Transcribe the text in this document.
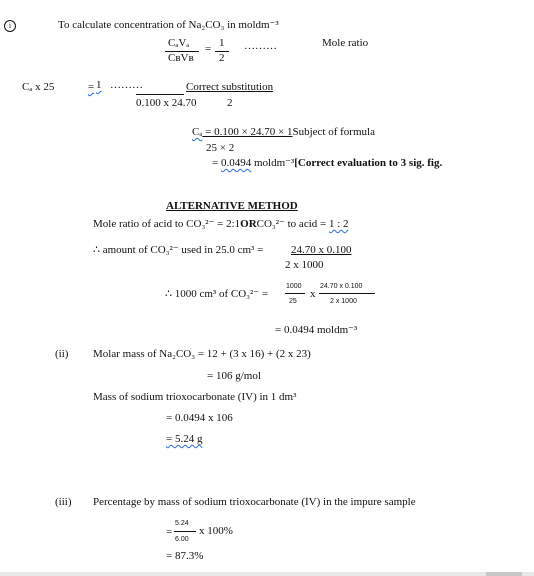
i	To calculate concentration of Na₂CO₃ in moldm⁻³
CₐVₐ
CʙVʙ
= 1
2
………	Mole ratio
Cₐ x 25	= 1 ………	Correct substitution
0.100 x 24.70	2
Cₐ = 0.100 × 24.70 × 1Subject of formula
25 × 2
= 0.0494 moldm⁻³[Correct evaluation to 3 sig. fig.
ALTERNATIVE METHOD
Mole ratio of acid to CO₃²⁻ = 2:1ORCO₃²⁻ to acid = 1 : 2
∴ amount of CO₃²⁻ used in 25.0 cm³ =	24.70 x 0.100
2 x 1000
∴ 1000 cm³ of CO₃²⁻ =
1000
25
x
24.70 x 0.100
2 x 1000
= 0.0494 moldm⁻³
(ii) Molar mass of Na₂CO₃ = 12 + (3 x 16) + (2 x 23)
= 106 g/mol
Mass of sodium trioxocarbonate (IV) in 1 dm³
= 0.0494 x 106
= 5.24 g
(iii) Percentage by mass of sodium trioxocarbonate (IV) in the impure sample
=
5.24
6.00
x 100%
= 87.3%
